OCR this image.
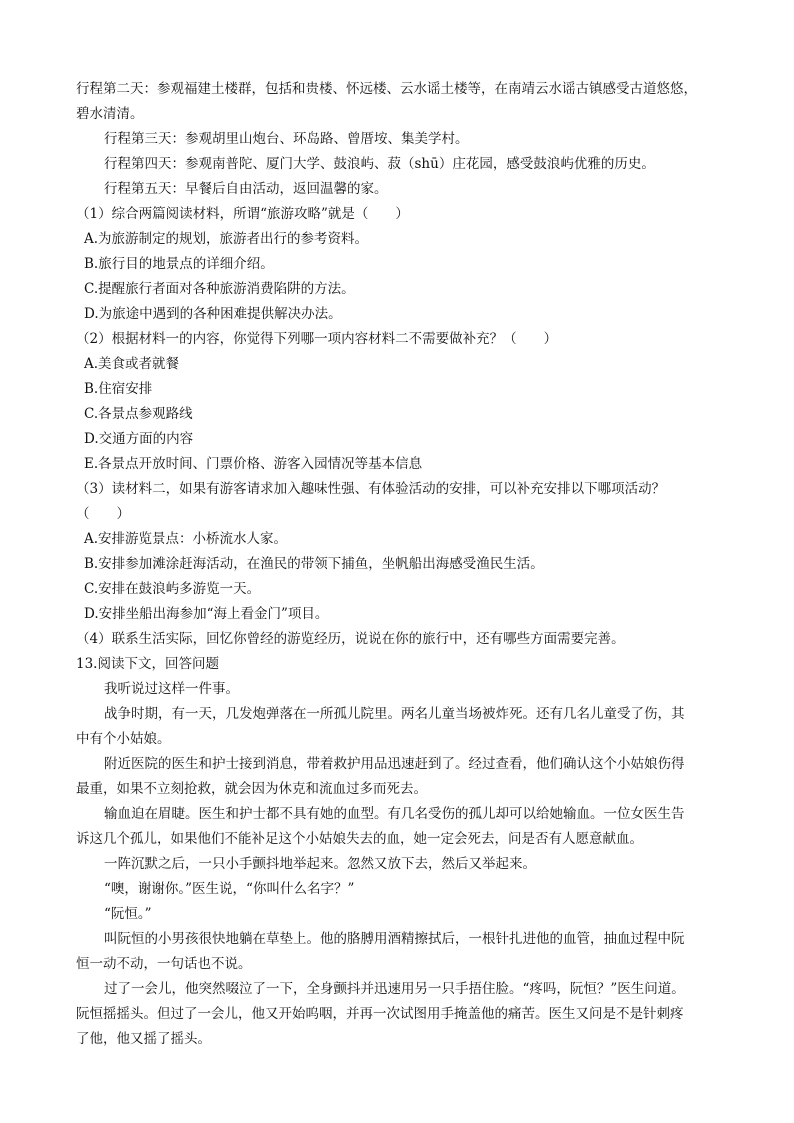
行程第二天：参观福建土楼群，包括和贵楼、怀远楼、云水谣土楼等，在南靖云水谣古镇感受古道悠悠，
碧水清清。
行程第三天：参观胡里山炮台、环岛路、曾厝垵、集美学村。
行程第四天：参观南普陀、厦门大学、鼓浪屿、菽（shū）庄花园，感受鼓浪屿优雅的历史。
行程第五天：早餐后自由活动，返回温馨的家。
（1）综合两篇阅读材料，所谓“旅游攻略”就是（　　）
A.为旅游制定的规划，旅游者出行的参考资料。
B.旅行目的地景点的详细介绍。
C.提醒旅行者面对各种旅游消费陷阱的方法。
D.为旅途中遇到的各种困难提供解决办法。
（2）根据材料一的内容，你觉得下列哪一项内容材料二不需要做补充？（　　）
A.美食或者就餐
B.住宿安排
C.各景点参观路线
D.交通方面的内容
E.各景点开放时间、门票价格、游客入园情况等基本信息
（3）读材料二，如果有游客请求加入趣味性强、有体验活动的安排，可以补充安排以下哪项活动？
（　　）
A.安排游览景点：小桥流水人家。
B.安排参加滩涂赶海活动，在渔民的带领下捕鱼，坐帆船出海感受渔民生活。
C.安排在鼓浪屿多游览一天。
D.安排坐船出海参加“海上看金门”项目。
（4）联系生活实际，回忆你曾经的游览经历，说说在你的旅行中，还有哪些方面需要完善。
13.阅读下文，回答问题
我听说过这样一件事。
战争时期，有一天，几发炮弹落在一所孤儿院里。两名儿童当场被炸死。还有几名儿童受了伤，其
中有个小姑娘。
附近医院的医生和护士接到消息，带着救护用品迅速赶到了。经过查看，他们确认这个小姑娘伤得
最重，如果不立刻抢救，就会因为休克和流血过多而死去。
输血迫在眉睫。医生和护士都不具有她的血型。有几名受伤的孤儿却可以给她输血。一位女医生告
诉这几个孤儿，如果他们不能补足这个小姑娘失去的血，她一定会死去，问是否有人愿意献血。
一阵沉默之后，一只小手颤抖地举起来。忽然又放下去，然后又举起来。
“噢，谢谢你。”医生说，“你叫什么名字？”
“阮恒。”
叫阮恒的小男孩很快地躺在草垫上。他的胳膊用酒精擦拭后，一根针扎进他的血管，抽血过程中阮
恒一动不动，一句话也不说。
过了一会儿，他突然啜泣了一下，全身颤抖并迅速用另一只手捂住脸。“疼吗，阮恒？”医生问道。
阮恒摇摇头。但过了一会儿，他又开始呜咽，并再一次试图用手掩盖他的痛苦。医生又问是不是针刺疼
了他，他又摇了摇头。
